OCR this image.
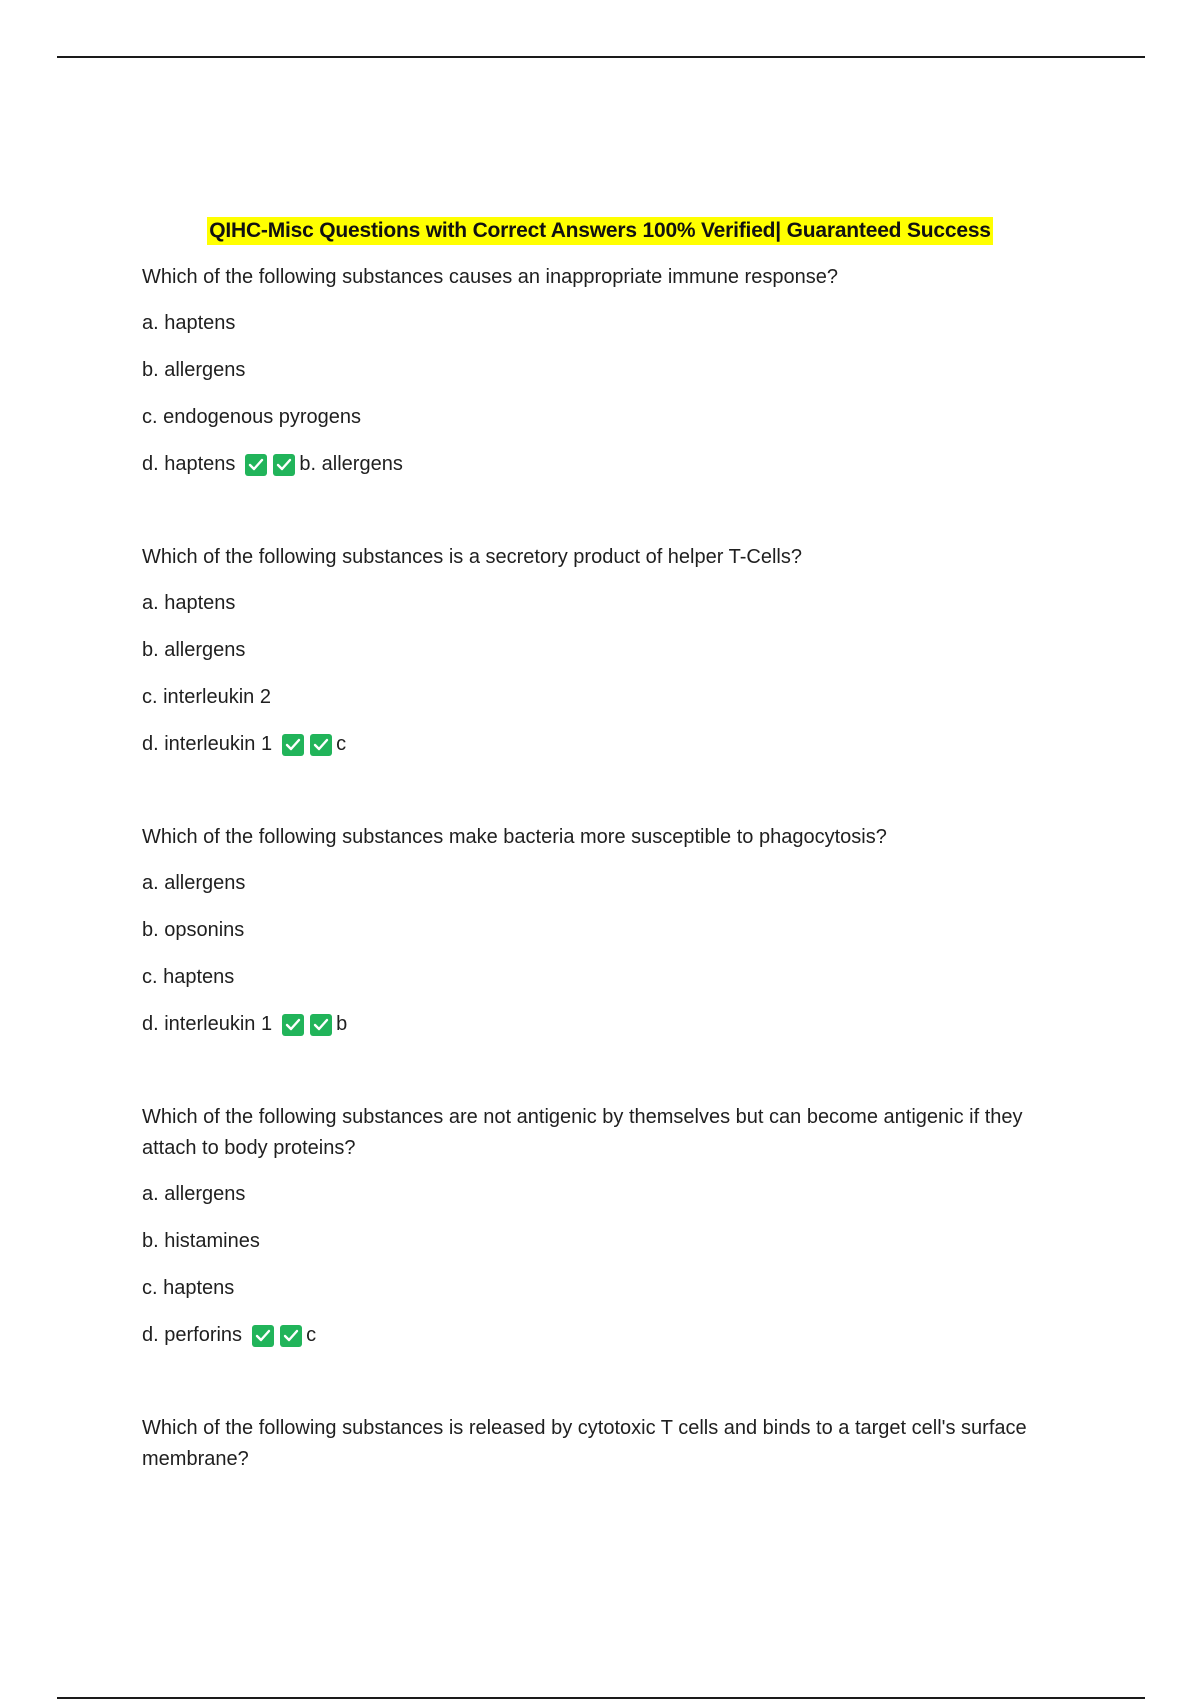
QIHC-Misc Questions with Correct Answers 100% Verified| Guaranteed Success

Which of the following substances causes an inappropriate immune response?

a. haptens

b. allergens

c. endogenous pyrogens

d. haptens	b. allergens

Which of the following substances is a secretory product of helper T-Cells?

a. haptens

b. allergens

c. interleukin 2

d. interleukin 1	c

Which of the following substances make bacteria more susceptible to phagocytosis?

a. allergens

b. opsonins

c. haptens

d. interleukin 1	b

Which of the following substances are not antigenic by themselves but can become antigenic if they attach to body proteins?

a. allergens

b. histamines

c. haptens

d. perforins	c

Which of the following substances is released by cytotoxic T cells and binds to a target cell's surface membrane?
